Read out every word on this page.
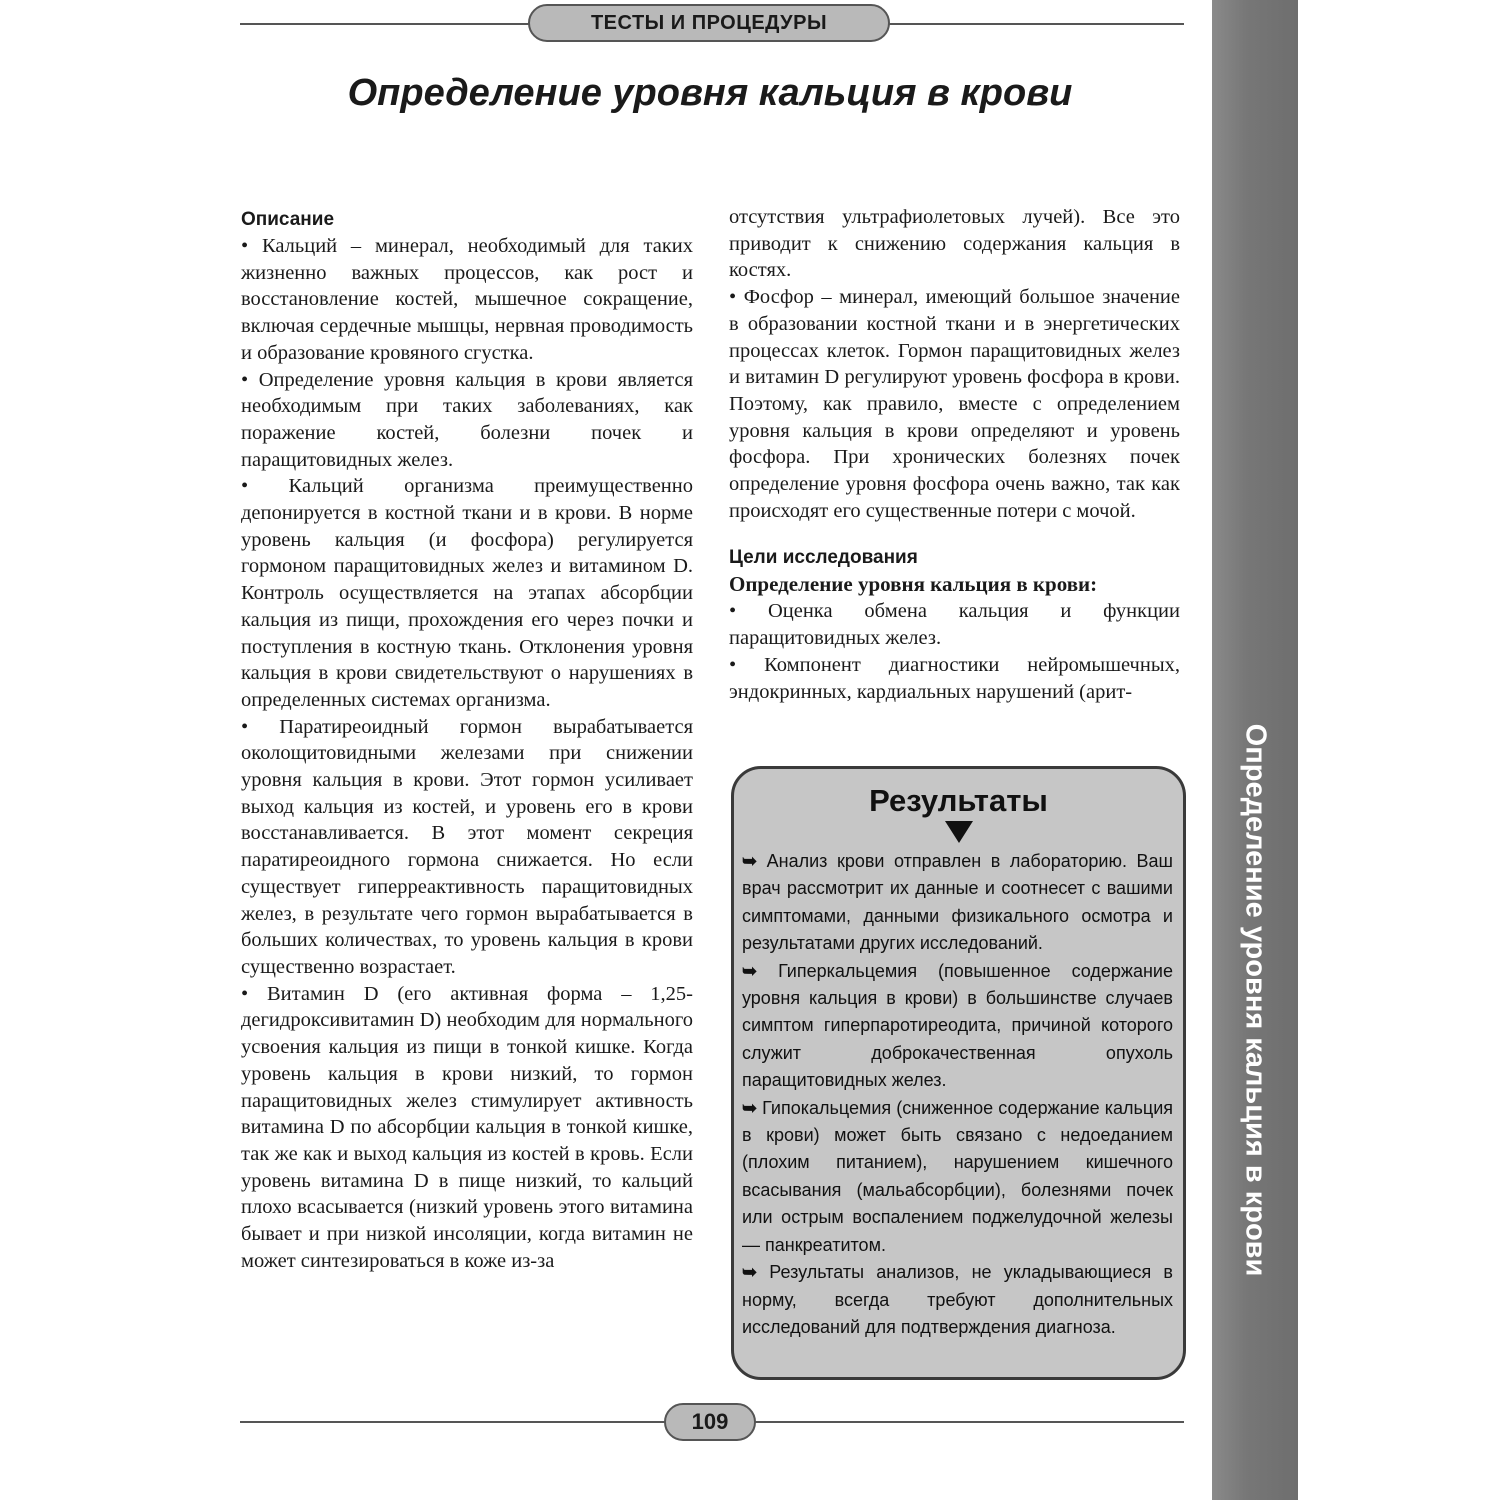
ТЕСТЫ И ПРОЦЕДУРЫ
Определение уровня кальция в крови
Определение уровня кальция в крови

Описание

• Кальций – минерал, необходимый для таких жизненно важных процессов, как рост и восстановление костей, мышечное сокращение, включая сердечные мышцы, нервная проводимость и образование кровяного сгустка.

• Определение уровня кальция в крови является необходимым при таких заболеваниях, как поражение костей, болезни почек и паращитовидных желез.

• Кальций организма преимущественно депонируется в костной ткани и в крови. В норме уровень кальция (и фосфора) регулируется гормоном паращитовидных желез и витамином D. Контроль осуществляется на этапах абсорбции кальция из пищи, прохождения его через почки и поступления в костную ткань. Отклонения уровня кальция в крови свидетельствуют о нарушениях в определенных системах организма.

• Паратиреоидный гормон вырабатывается околощитовидными железами при снижении уровня кальция в крови. Этот гормон усиливает выход кальция из костей, и уровень его в крови восстанавливается. В этот момент секреция паратиреоидного гормона снижается. Но если существует гиперреактивность паращитовидных желез, в результате чего гормон вырабатывается в больших количествах, то уровень кальция в крови существенно возрастает.

• Витамин D (его активная форма – 1,25-дегидроксивитамин D) необходим для нормального усвоения кальция из пищи в тонкой кишке. Когда уровень кальция в крови низкий, то гормон паращитовидных желез стимулирует активность витамина D по абсорбции кальция в тонкой кишке, так же как и выход кальция из костей в кровь. Если уровень витамина D в пище низкий, то кальций плохо всасывается (низкий уровень этого витамина бывает и при низкой инсоляции, когда витамин не может синтезироваться в коже из-за

отсутствия ультрафиолетовых лучей). Все это приводит к снижению содержания кальция в костях.

• Фосфор – минерал, имеющий большое значение в образовании костной ткани и в энергетических процессах клеток. Гормон паращитовидных желез и витамин D регулируют уровень фосфора в крови. Поэтому, как правило, вместе с определением уровня кальция в крови определяют и уровень фосфора. При хронических болезнях почек определение уровня фосфора очень важно, так как происходят его существенные потери с мочой.

Цели исследования

Определение уровня кальция в крови:

• Оценка обмена кальция и функции паращитовидных желез.

• Компонент диагностики нейромышечных, эндокринных, кардиальных нарушений (арит-

Результаты

➥ Анализ крови отправлен в лабораторию. Ваш врач рассмотрит их данные и соотнесет с вашими симптомами, данными физикального осмотра и результатами других исследований.

➥ Гиперкальцемия (повышенное содержание уровня кальция в крови) в большинстве случаев симптом гиперпаротиреодита, причиной которого служит доброкачественная опухоль паращитовидных желез.

➥ Гипокальцемия (сниженное содержание кальция в крови) может быть связано с недоеданием (плохим питанием), нарушением кишечного всасывания (мальабсорбции), болезнями почек или острым воспалением поджелудочной железы — панкреатитом.

➥ Результаты анализов, не укладывающиеся в норму, всегда требуют дополнительных исследований для подтверждения диагноза.

109
